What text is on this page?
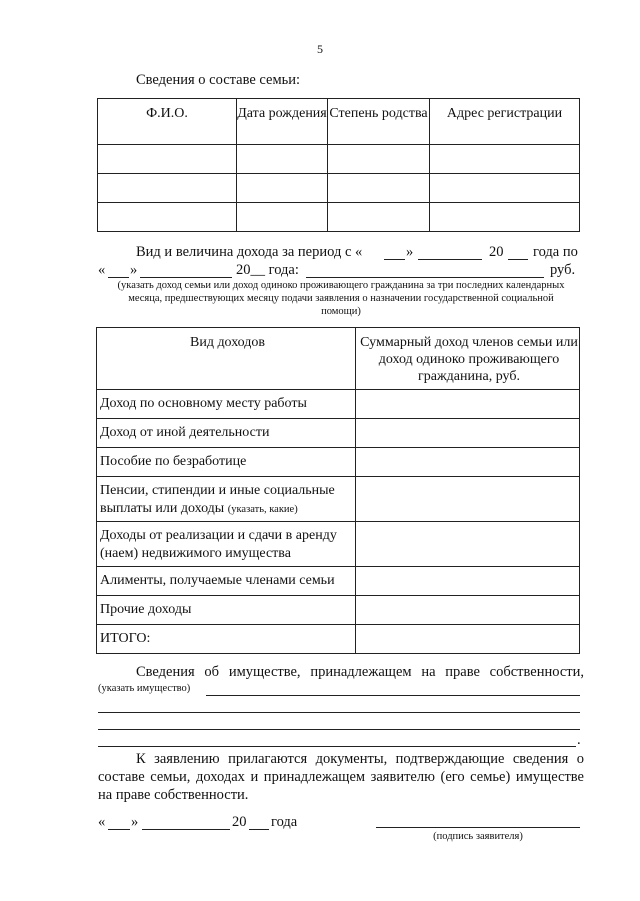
5
Сведения о составе семьи:
Ф.И.О.	Дата рождения	Степень родства	Адрес регистрации

Вид и величина дохода за период с «	»	20 года по
« »	20__ года:	руб.
(указать доход семьи или доход одиноко проживающего гражданина за три последних календарных месяца, предшествующих месяцу подачи заявления о назначении государственной социальной помощи)
Вид доходов	Суммарный доход членов семьи или доход одиноко проживающего гражданина, руб.
Доход по основному месту работы	
Доход от иной деятельности	
Пособие по безработице	
Пенсии, стипендии и иные социальные выплаты или доходы (указать, какие)	
Доходы от реализации и сдачи в аренду (наем) недвижимого имущества	
Алименты, получаемые членами семьи	
Прочие доходы	
ИТОГО:	
Сведения об имуществе, принадлежащем на праве собственности,
(указать имущество)
.
К заявлению прилагаются документы, подтверждающие сведения о составе семьи, доходах и принадлежащем заявителю (его семье) имуществе на праве собственности.
« »	20 года
(подпись заявителя)
